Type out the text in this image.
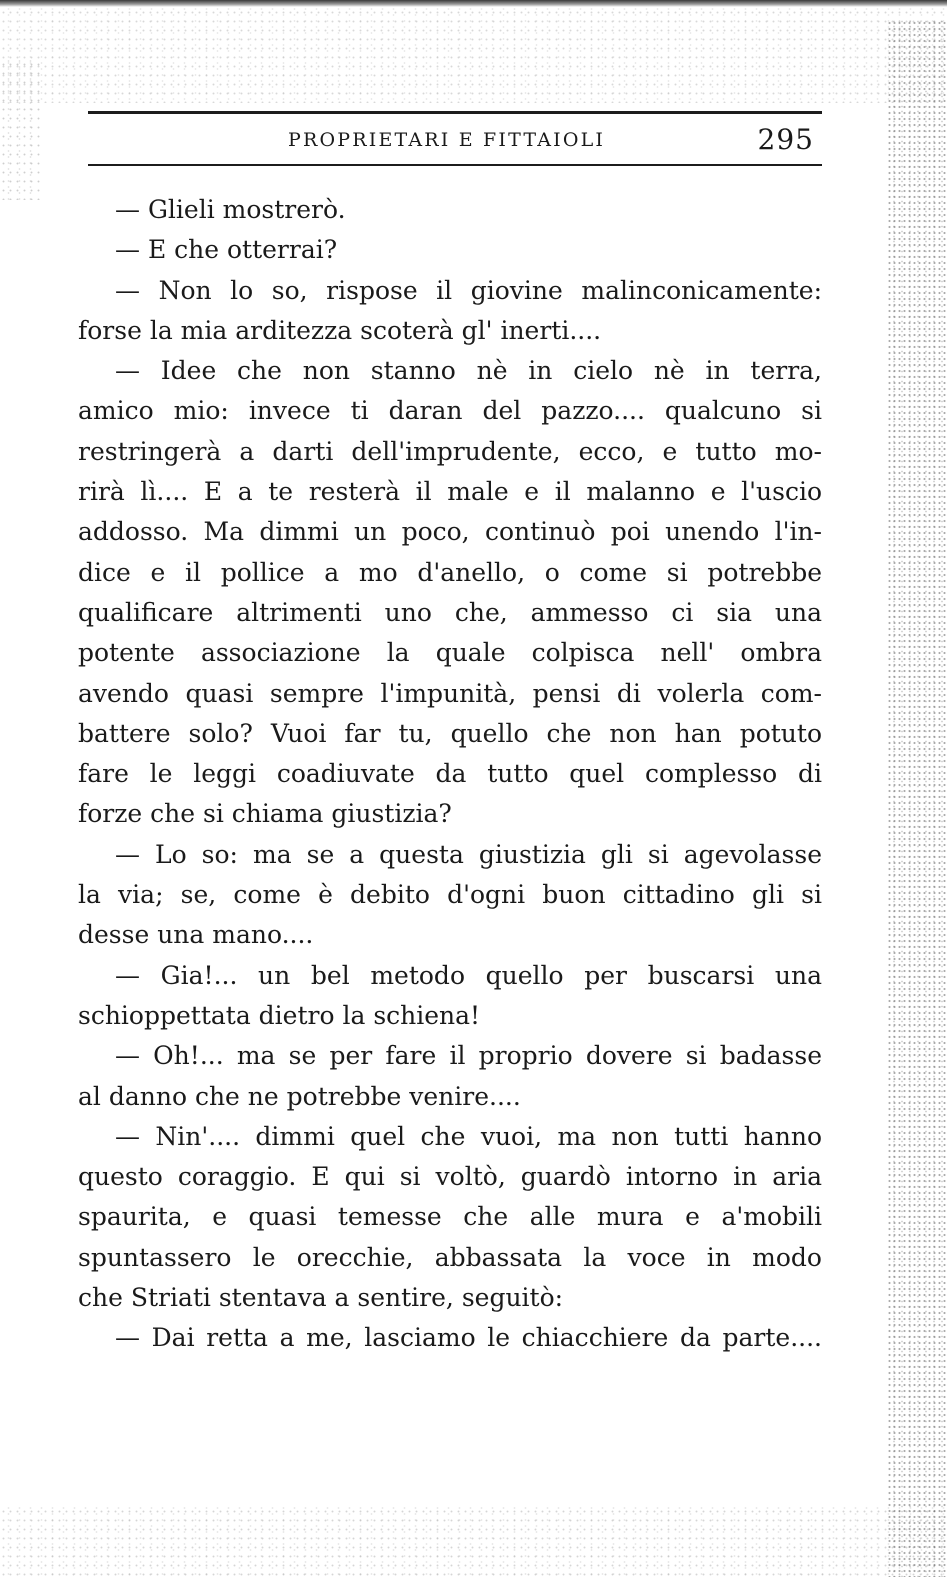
PROPRIETARI E FITTAIOLI	295
— Glieli mostrerò.
— E che otterrai?
— Non lo so, rispose il giovine malinconicamente:
forse la mia arditezza scoterà gl' inerti....
— Idee che non stanno nè in cielo nè in terra,
amico mio: invece ti daran del pazzo.... qualcuno si
restringerà a darti dell'imprudente, ecco, e tutto mo-
rirà lì.... E a te resterà il male e il malanno e l'uscio
addosso. Ma dimmi un poco, continuò poi unendo l'in-
dice e il pollice a mo d'anello, o come si potrebbe
qualificare altrimenti uno che, ammesso ci sia una
potente associazione la quale colpisca nell' ombra
avendo quasi sempre l'impunità, pensi di volerla com-
battere solo? Vuoi far tu, quello che non han potuto
fare le leggi coadiuvate da tutto quel complesso di
forze che si chiama giustizia?
— Lo so: ma se a questa giustizia gli si agevolasse
la via; se, come è debito d'ogni buon cittadino gli si
desse una mano....
— Gia!... un bel metodo quello per buscarsi una
schioppettata dietro la schiena!
— Oh!... ma se per fare il proprio dovere si badasse
al danno che ne potrebbe venire....
— Nin'.... dimmi quel che vuoi, ma non tutti hanno
questo coraggio. E qui si voltò, guardò intorno in aria
spaurita, e quasi temesse che alle mura e a'mobili
spuntassero le orecchie, abbassata la voce in modo
che Striati stentava a sentire, seguitò:
— Dai retta a me, lasciamo le chiacchiere da parte....
